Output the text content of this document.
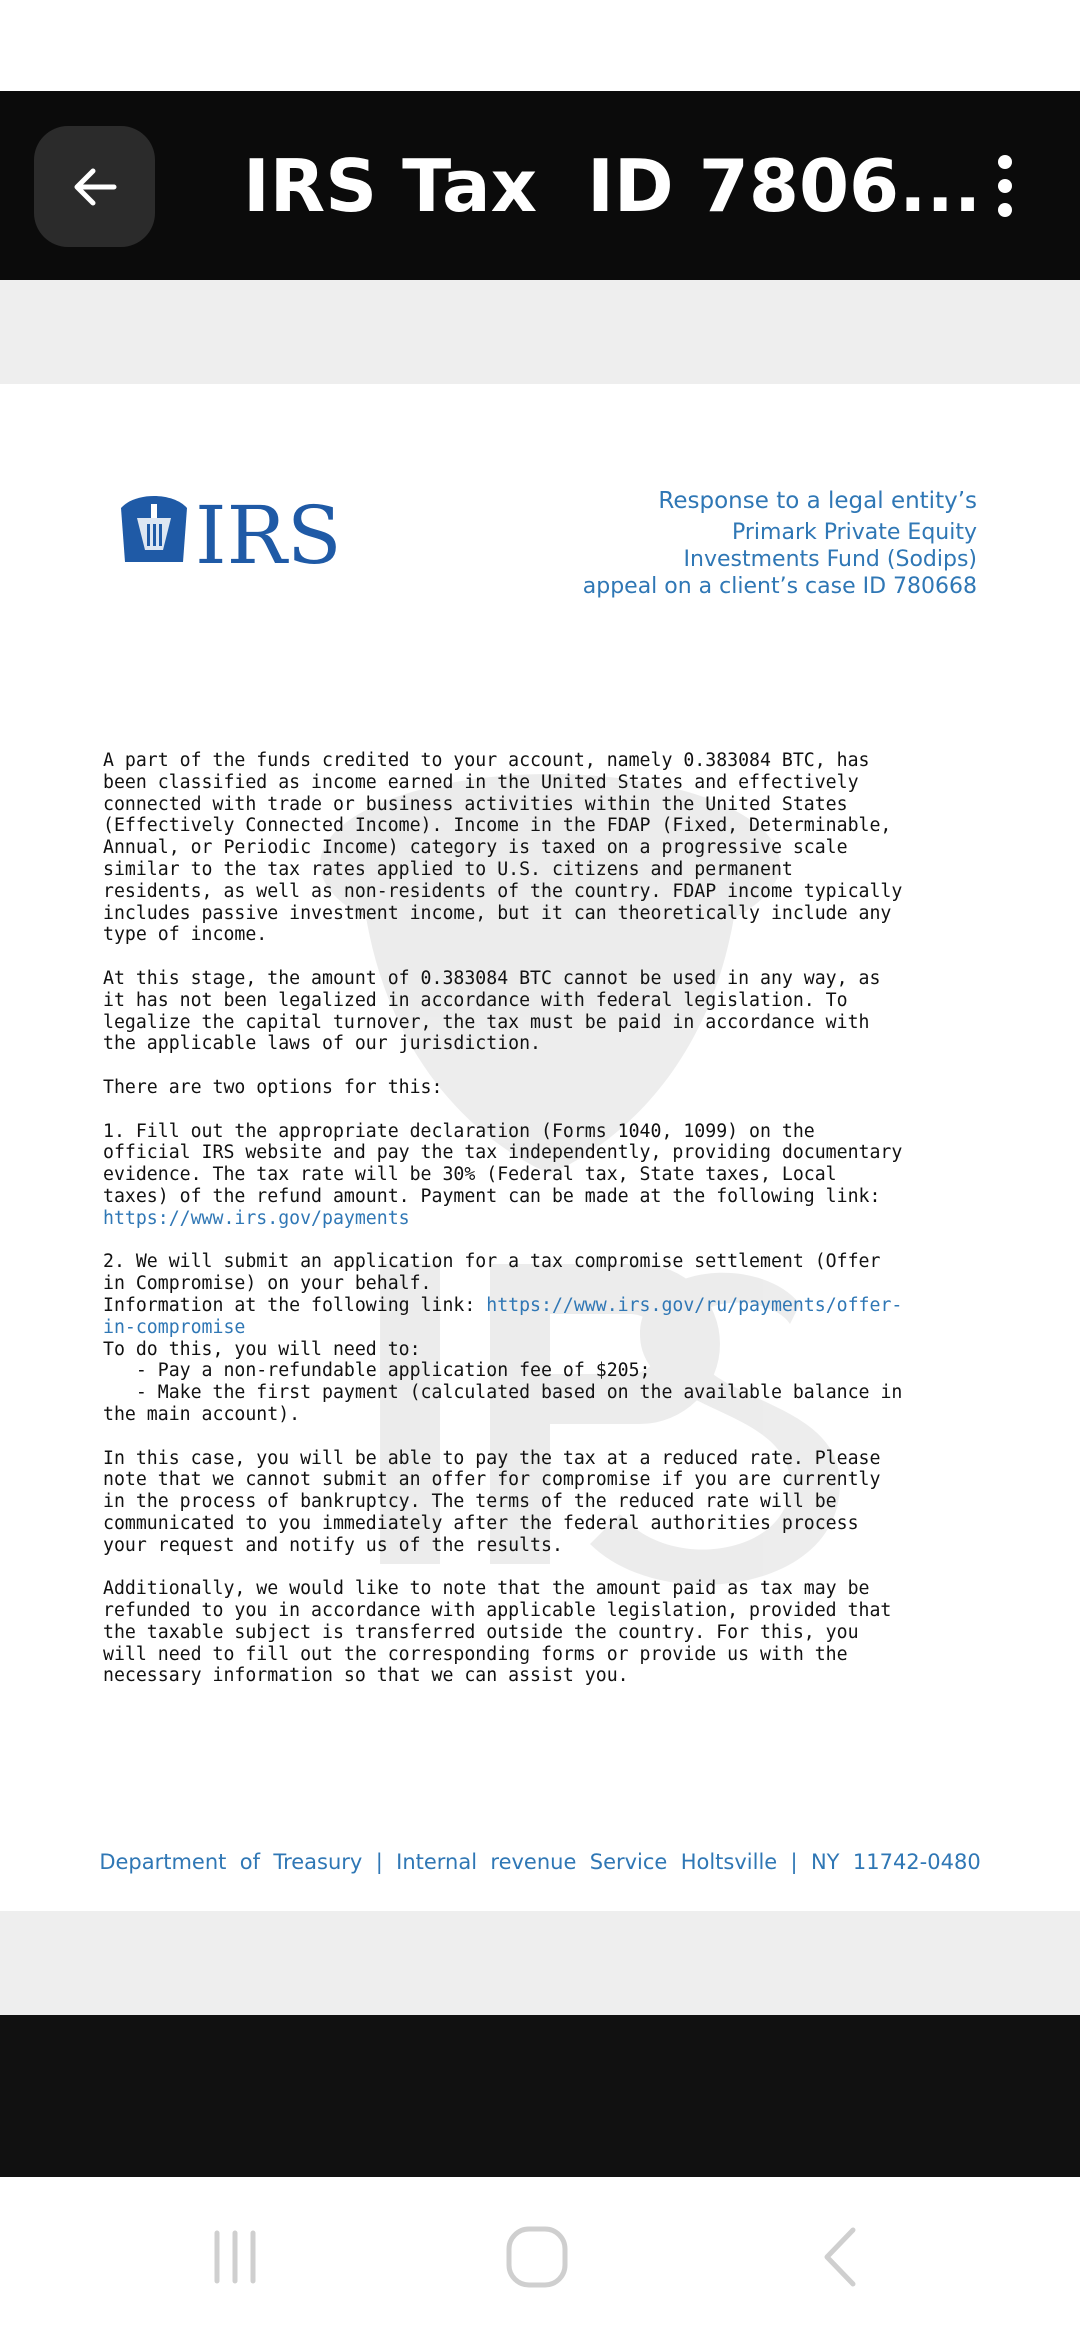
IRS Tax  ID 7806...
IRS	Response to a legal entity’s
Primark Private Equity
Investments Fund (Sodips)
appeal on a client’s case ID 780668
A part of the funds credited to your account, namely 0.383084 BTC, has
been classified as income earned in the United States and effectively
connected with trade or business activities within the United States
(Effectively Connected Income). Income in the FDAP (Fixed, Determinable,
Annual, or Periodic Income) category is taxed on a progressive scale
similar to the tax rates applied to U.S. citizens and permanent
residents, as well as non-residents of the country. FDAP income typically
includes passive investment income, but it can theoretically include any
type of income.

At this stage, the amount of 0.383084 BTC cannot be used in any way, as
it has not been legalized in accordance with federal legislation. To
legalize the capital turnover, the tax must be paid in accordance with
the applicable laws of our jurisdiction.

There are two options for this:

1. Fill out the appropriate declaration (Forms 1040, 1099) on the
official IRS website and pay the tax independently, providing documentary
evidence. The tax rate will be 30% (Federal tax, State taxes, Local
taxes) of the refund amount. Payment can be made at the following link:
https://www.irs.gov/payments

2. We will submit an application for a tax compromise settlement (Offer
in Compromise) on your behalf.
Information at the following link: https://www.irs.gov/ru/payments/offer-
in-compromise
To do this, you will need to:
- Pay a non-refundable application fee of $205;
- Make the first payment (calculated based on the available balance in
the main account).

In this case, you will be able to pay the tax at a reduced rate. Please
note that we cannot submit an offer for compromise if you are currently
in the process of bankruptcy. The terms of the reduced rate will be
communicated to you immediately after the federal authorities process
your request and notify us of the results.

Additionally, we would like to note that the amount paid as tax may be
refunded to you in accordance with applicable legislation, provided that
the taxable subject is transferred outside the country. For this, you
will need to fill out the corresponding forms or provide us with the
necessary information so that we can assist you.
Department  of  Treasury  |  Internal  revenue  Service  Holtsville  |  NY  11742-0480
